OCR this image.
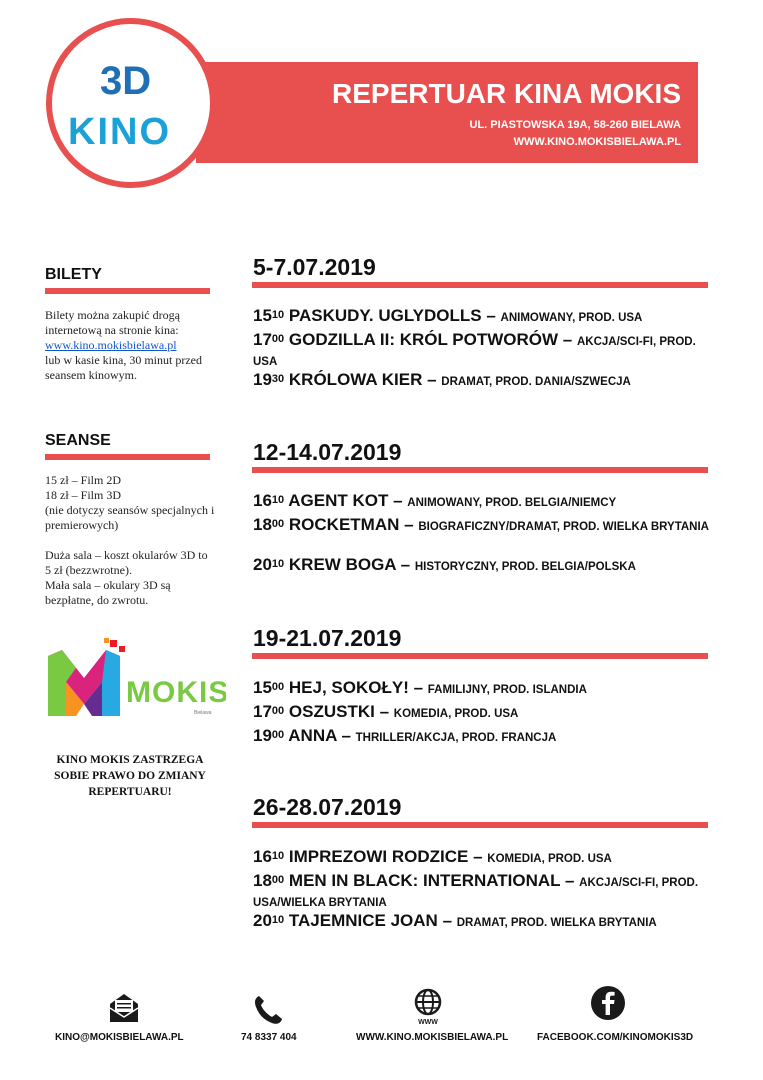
REPERTUAR KINA MOKIS
UL. PIASTOWSKA 19A, 58-260 BIELAWA
WWW.KINO.MOKISBIELAWA.PL
3D
KINO
BILETY
Bilety można zakupić drogą internetową na stronie kina:
www.kino.mokisbielawa.pl
lub w kasie kina, 30 minut przed seansem kinowym.
SEANSE
15 zł – Film 2D
18 zł – Film 3D
(nie dotyczy seansów specjalnych i premierowych)
Duża sala – koszt okularów 3D to 5 zł (bezzwrotne).
Mała sala – okulary 3D są bezpłatne, do zwrotu.
MOKIS
Bielawa
KINO MOKIS ZASTRZEGA SOBIE PRAWO DO ZMIANY REPERTUARU!
5-7.07.2019
$15^{10}$ PASKUDY. UGLYDOLLS – ANIMOWANY, PROD. USA
$17^{00}$ GODZILLA II: KRÓL POTWORÓW – AKCJA/SCI-FI, PROD. USA
$19^{30}$ KRÓLOWA KIER – DRAMAT, PROD. DANIA/SZWECJA
12-14.07.2019
$16^{10}$ AGENT KOT – ANIMOWANY, PROD. BELGIA/NIEMCY
$18^{00}$ ROCKETMAN – BIOGRAFICZNY/DRAMAT, PROD. WIELKA BRYTANIA
$20^{10}$ KREW BOGA – HISTORYCZNY, PROD. BELGIA/POLSKA
19-21.07.2019
$15^{00}$ HEJ, SOKOŁY! – FAMILIJNY, PROD. ISLANDIA
$17^{00}$ OSZUSTKI – KOMEDIA, PROD. USA
$19^{00}$ ANNA – THRILLER/AKCJA, PROD. FRANCJA
26-28.07.2019
$16^{10}$ IMPREZOWI RODZICE – KOMEDIA, PROD. USA
$18^{00}$ MEN IN BLACK: INTERNATIONAL – AKCJA/SCI-FI, PROD. USA/WIELKA BRYTANIA
$20^{10}$ TAJEMNICE JOAN – DRAMAT, PROD. WIELKA BRYTANIA
WWW
KINO@MOKISBIELAWA.PL	74 8337 404	WWW.KINO.MOKISBIELAWA.PL	FACEBOOK.COM/KINOMOKIS3D
